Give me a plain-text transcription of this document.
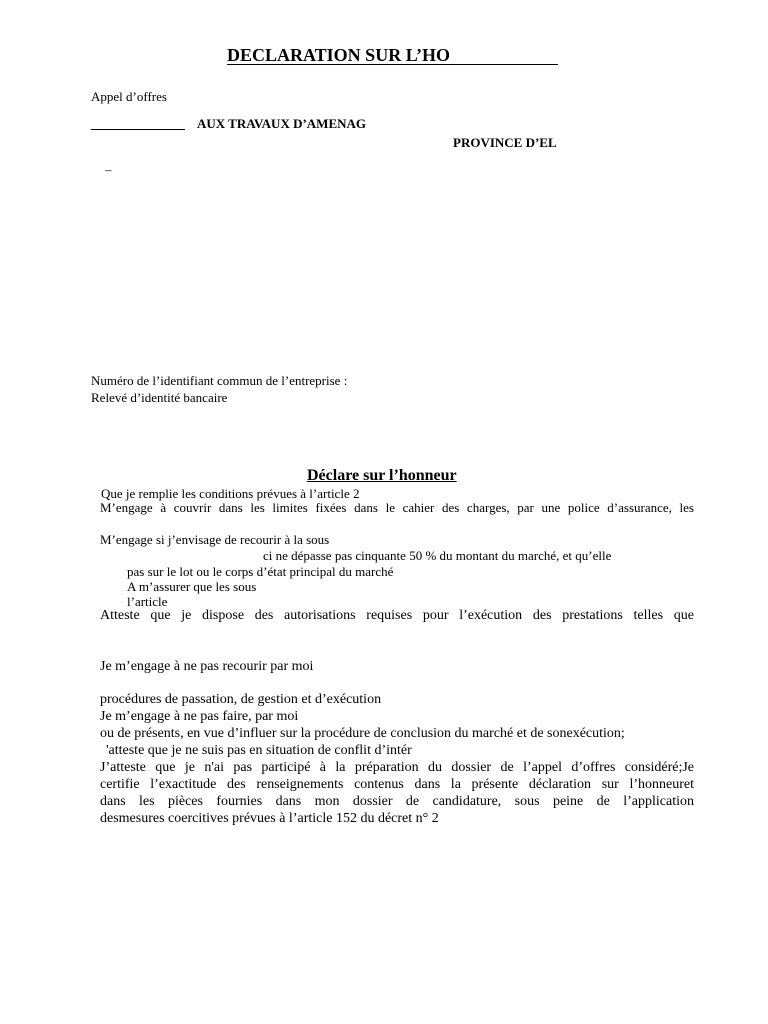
DECLARATION SUR L’HO
Appel d’offres
AUX TRAVAUX D’AMENAG
PROVINCE D’EL
–
Numéro de l’identifiant commun de l’entreprise :
Relevé d’identité bancaire
Déclare sur l’honneur
Que je remplie les conditions prévues à l’article 2
M’engage à couvrir dans les limites fixées dans le cahier des charges, par une police d’assurance, les
M’engage si j’envisage de recourir à la sous
ci ne dépasse pas cinquante 50 % du montant du marché, et qu’elle
pas sur le lot ou le corps d’état principal du marché
A m’assurer que les sous
l’article
Atteste que je dispose des autorisations requises pour l’exécution des prestations telles que
Je m’engage à ne pas recourir par moi
procédures de passation, de gestion et d’exécution
Je m’engage à ne pas faire, par moi
ou de présents, en vue d’influer sur la procédure de conclusion du marché et de sonexécution;
'atteste que je ne suis pas en situation de conflit d’intér
J’atteste que je n'ai pas participé à la préparation du dossier de l’appel d’offres considéré;Je
certifie l’exactitude des renseignements contenus dans la présente déclaration sur l’honneuret
dans les pièces fournies dans mon dossier de candidature, sous peine de l’application
desmesures coercitives prévues à l’article 152 du décret n° 2
